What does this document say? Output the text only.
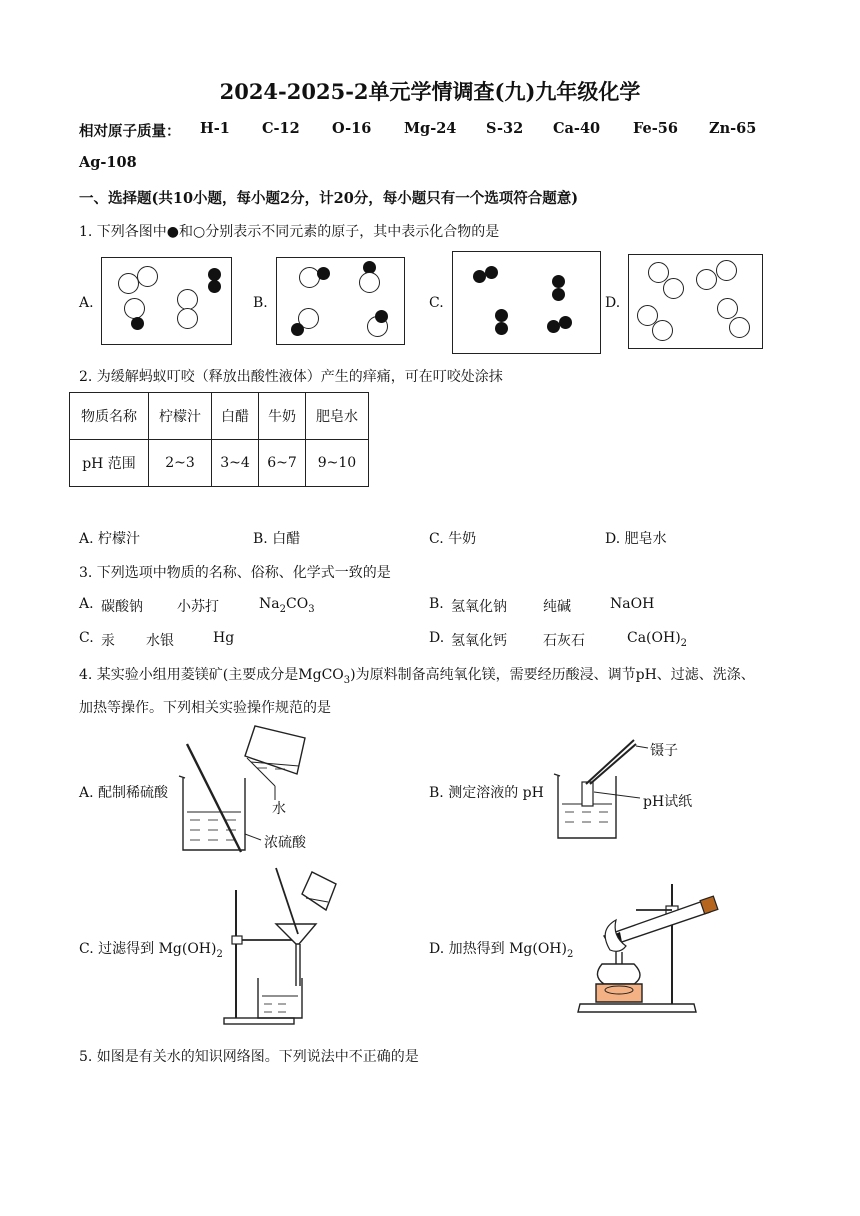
2024-2025-2单元学情调查(九)九年级化学
相对原子质量： H-1 C-12 O-16 Mg-24 S-32 Ca-40 Fe-56 Zn-65
Ag-108
一、选择题(共10小题，每小题2分，计20分，每小题只有一个选项符合题意)
1. 下列各图中●和○分别表示不同元素的原子，其中表示化合物的是
A.	B.	C.	D.
2. 为缓解蚂蚁叮咬（释放出酸性液体）产生的痒痛，可在叮咬处涂抹
物质名称	柠檬汁	白醋	牛奶	肥皂水
pH 范围	2~3	3~4	6~7	9~10
A. 柠檬汁	B. 白醋	C. 牛奶	D. 肥皂水
3. 下列选项中物质的名称、俗称、化学式一致的是
A. 碳酸钠 小苏打	$Na_2CO_3$	B. 氢氧化钠	纯碱	NaOH
C. 汞 水银	Hg	D. 氢氧化钙	石灰石	$Ca(OH)_2$
4. 某实验小组用菱镁矿(主要成分是MgCO$_3$)为原料制备高纯氧化镁，需要经历酸浸、调节pH、过滤、洗涤、
加热等操作。下列相关实验操作规范的是
A. 配制稀硫酸
水
浓硫酸
B. 测定溶液的 pH
镊子
pH试纸
C. 过滤得到 $Mg(OH)_2$	D. 加热得到 $Mg(OH)_2$
5. 如图是有关水的知识网络图。下列说法中不正确的是
